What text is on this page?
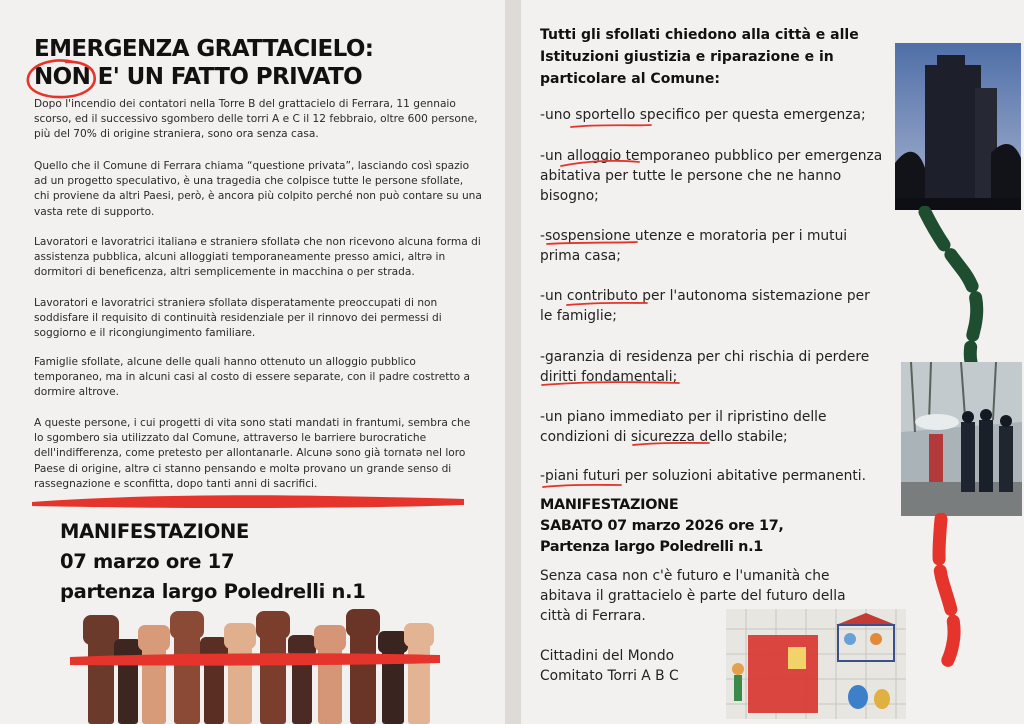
EMERGENZA GRATTACIELO:
NON E' UN FATTO PRIVATO

Dopo l'incendio dei contatori nella Torre B del grattacielo di Ferrara, 11 gennaio scorso, ed il successivo sgombero delle torri A e C il 12 febbraio, oltre 600 persone, più del 70% di origine straniera, sono ora senza casa.

Quello che il Comune di Ferrara chiama “questione privata”, lasciando così spazio ad un progetto speculativo, è una tragedia che colpisce tutte le persone sfollate, chi proviene da altri Paesi, però, è ancora più colpito perché non può contare su una vasta rete di supporto.

Lavoratori e lavoratrici italianə e stranierə sfollatə che non ricevono alcuna forma di assistenza pubblica, alcuni alloggiati temporaneamente presso amici, altrə in dormitori di beneficenza, altri semplicemente in macchina o per strada.

Lavoratori e lavoratrici stranierə sfollatə disperatamente preoccupati di non soddisfare il requisito di continuità residenziale per il rinnovo dei permessi di soggiorno e il ricongiungimento familiare.

Famiglie sfollate, alcune delle quali hanno ottenuto un alloggio pubblico temporaneo, ma in alcuni casi al costo di essere separate, con il padre costretto a dormire altrove.

A queste persone, i cui progetti di vita sono stati mandati in frantumi, sembra che lo sgombero sia utilizzato dal Comune, attraverso le barriere burocratiche dell'indifferenza, come pretesto per allontanarle. Alcunə sono già tornatə nel loro Paese di origine, altrə ci stanno pensando e moltə provano un grande senso di rassegnazione e sconfitta, dopo tanti anni di sacrifici.

MANIFESTAZIONE
07 marzo ore 17
partenza largo Poledrelli n.1

Tutti gli sfollati chiedono alla città e alle Istituzioni giustizia e riparazione e in particolare al Comune:

-uno sportello specifico per questa emergenza;

-un alloggio temporaneo pubblico per emergenza abitativa per tutte le persone che ne hanno bisogno;

-sospensione utenze e moratoria per i mutui prima casa;

-un contributo per l'autonoma sistemazione per le famiglie;

-garanzia di residenza per chi rischia di perdere diritti fondamentali;

-un piano immediato per il ripristino delle condizioni di sicurezza dello stabile;

-piani futuri per soluzioni abitative permanenti.

MANIFESTAZIONE
SABATO 07 marzo 2026 ore 17,
Partenza largo Poledrelli n.1

Senza casa non c'è futuro e l'umanità che abitava il grattacielo è parte del futuro della città di Ferrara.

Cittadini del Mondo
Comitato Torri A B C
